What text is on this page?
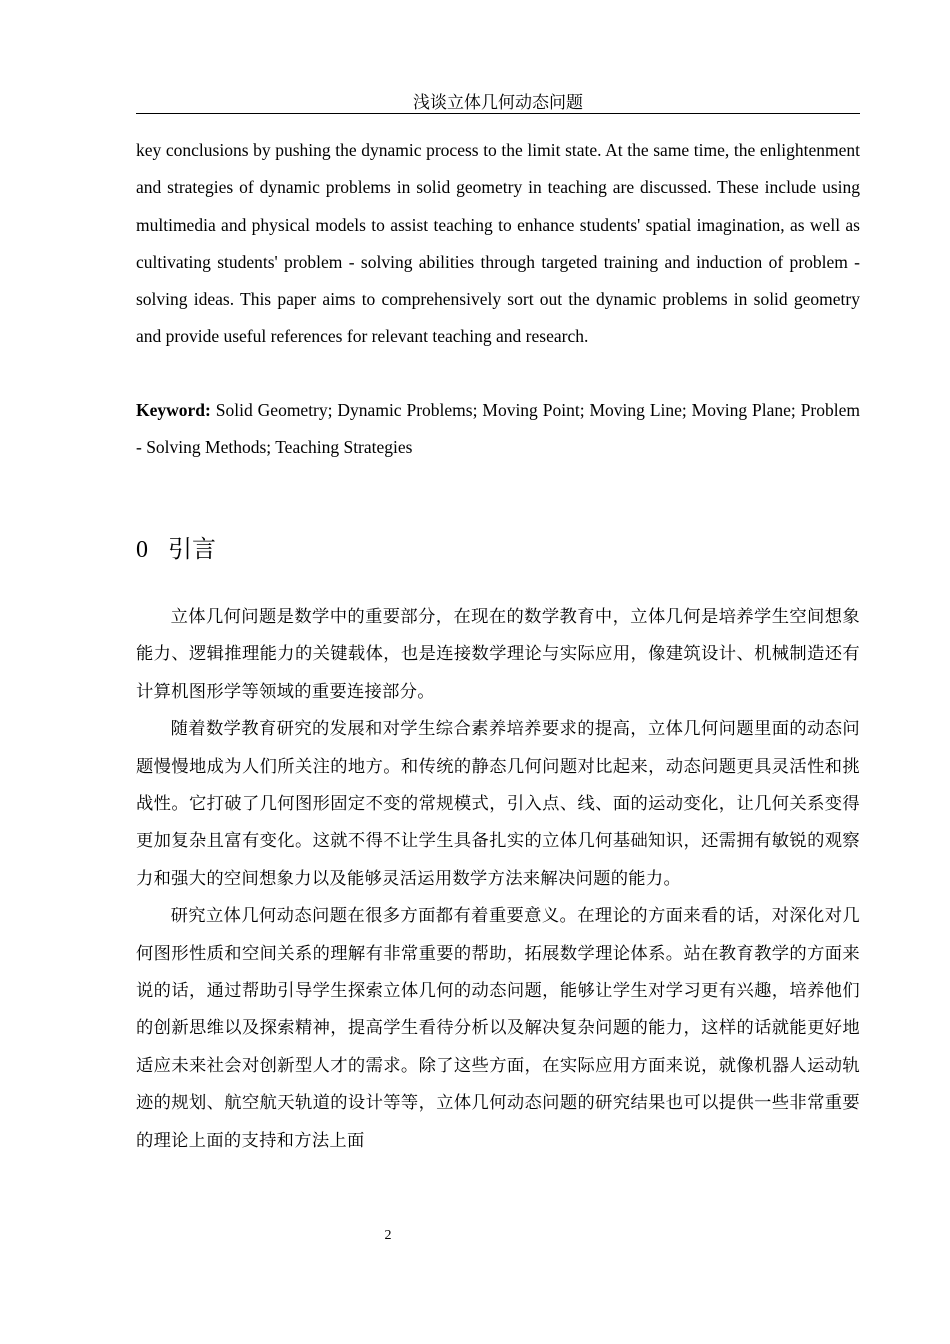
浅谈立体几何动态问题

key conclusions by pushing the dynamic process to the limit state. At the same time, the enlightenment and strategies of dynamic problems in solid geometry in teaching are discussed. These include using multimedia and physical models to assist teaching to enhance students' spatial imagination, as well as cultivating students' problem - solving abilities through targeted training and induction of problem - solving ideas. This paper aims to comprehensively sort out the dynamic problems in solid geometry and provide useful references for relevant teaching and research.

Keyword: Solid Geometry; Dynamic Problems; Moving Point; Moving Line; Moving Plane; Problem - Solving Methods; Teaching Strategies

0 引言

立体几何问题是数学中的重要部分，在现在的数学教育中，立体几何是培养学生空间想象能力、逻辑推理能力的关键载体，也是连接数学理论与实际应用，像建筑设计、机械制造还有计算机图形学等领域的重要连接部分。

随着数学教育研究的发展和对学生综合素养培养要求的提高，立体几何问题里面的动态问题慢慢地成为人们所关注的地方。和传统的静态几何问题对比起来，动态问题更具灵活性和挑战性。它打破了几何图形固定不变的常规模式，引入点、线、面的运动变化，让几何关系变得更加复杂且富有变化。这就不得不让学生具备扎实的立体几何基础知识，还需拥有敏锐的观察力和强大的空间想象力以及能够灵活运用数学方法来解决问题的能力。

研究立体几何动态问题在很多方面都有着重要意义。在理论的方面来看的话，对深化对几何图形性质和空间关系的理解有非常重要的帮助，拓展数学理论体系。站在教育教学的方面来说的话，通过帮助引导学生探索立体几何的动态问题，能够让学生对学习更有兴趣，培养他们的创新思维以及探索精神，提高学生看待分析以及解决复杂问题的能力，这样的话就能更好地适应未来社会对创新型人才的需求。除了这些方面，在实际应用方面来说，就像机器人运动轨迹的规划、航空航天轨道的设计等等，立体几何动态问题的研究结果也可以提供一些非常重要的理论上面的支持和方法上面

2
